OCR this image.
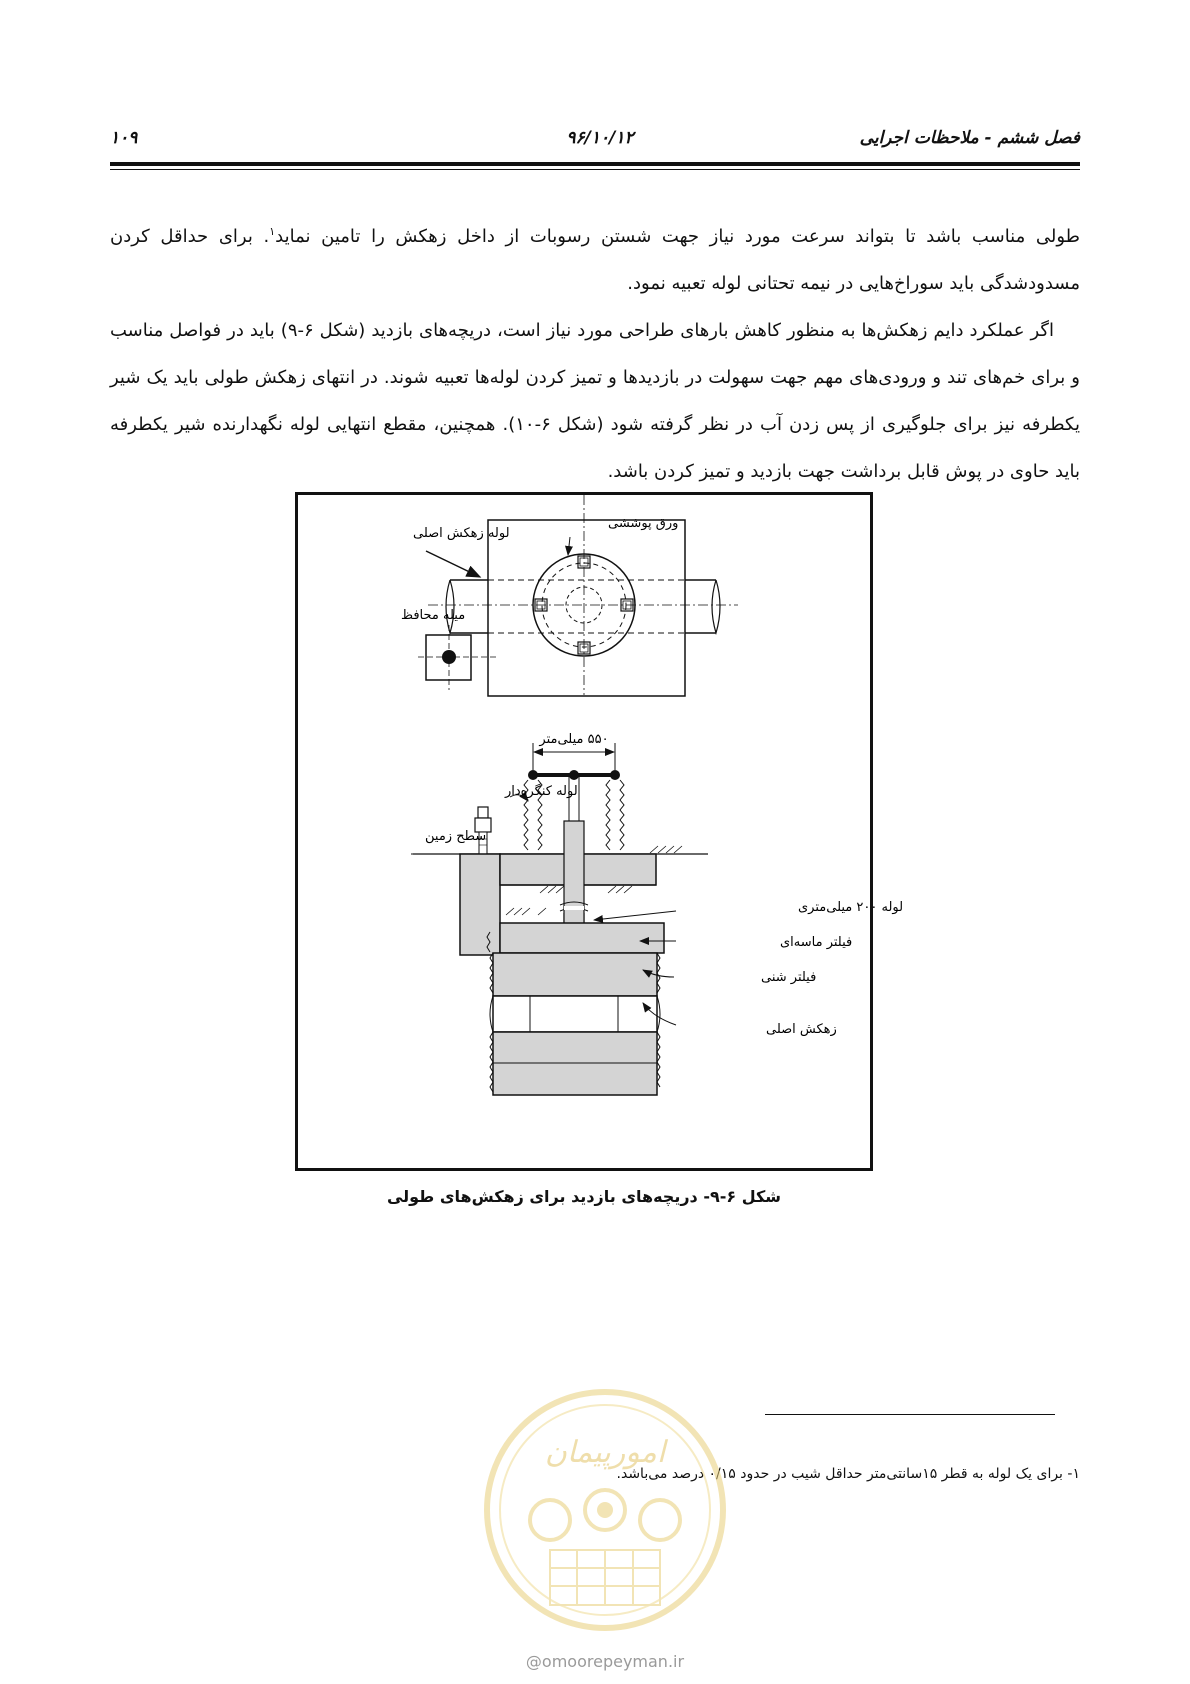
۱۰۹	۹۶/۱۰/۱۲	فصل ششم - ملاحظات اجرایی

طولی مناسب باشد تا بتواند سرعت مورد نیاز جهت شستن رسوبات از داخل زهکش را تامین نماید$^۱$. برای حداقل کردن مسدودشدگی باید سوراخ‌هایی در نیمه تحتانی لوله تعبیه نمود.

اگر عملکرد دایم زهکش‌ها به منظور کاهش بارهای طراحی مورد نیاز است، دریچه‌های بازدید (شکل ۶-۹) باید در فواصل مناسب و برای خم‌های تند و ورودی‌های مهم جهت سهولت در بازدیدها و تمیز کردن لوله‌ها تعبیه شوند. در انتهای زهکش طولی باید یک شیر یکطرفه نیز برای جلوگیری از پس زدن آب در نظر گرفته شود (شکل ۶-۱۰). همچنین، مقطع انتهایی لوله نگهدارنده شیر یکطرفه باید حاوی در پوش قابل برداشت جهت بازدید و تمیز کردن باشد.

لوله زهکش اصلی
ورق پوششی
میله محافظ
۵۵۰ میلی‌متر
لوله کنگره‌دار
سطح زمین
لوله ۲۰۰ میلی‌متری
فیلتر ماسه‌ای
فیلتر شنی
زهکش اصلی
شکل ۶-۹- دریچه‌های بازدید برای زهکش‌های طولی
۱- برای یک لوله به قطر ۱۵سانتی‌متر حداقل شیب در حدود ۰/۱۵ درصد می‌باشد.
امورپیمان
@omoorepeyman.ir
